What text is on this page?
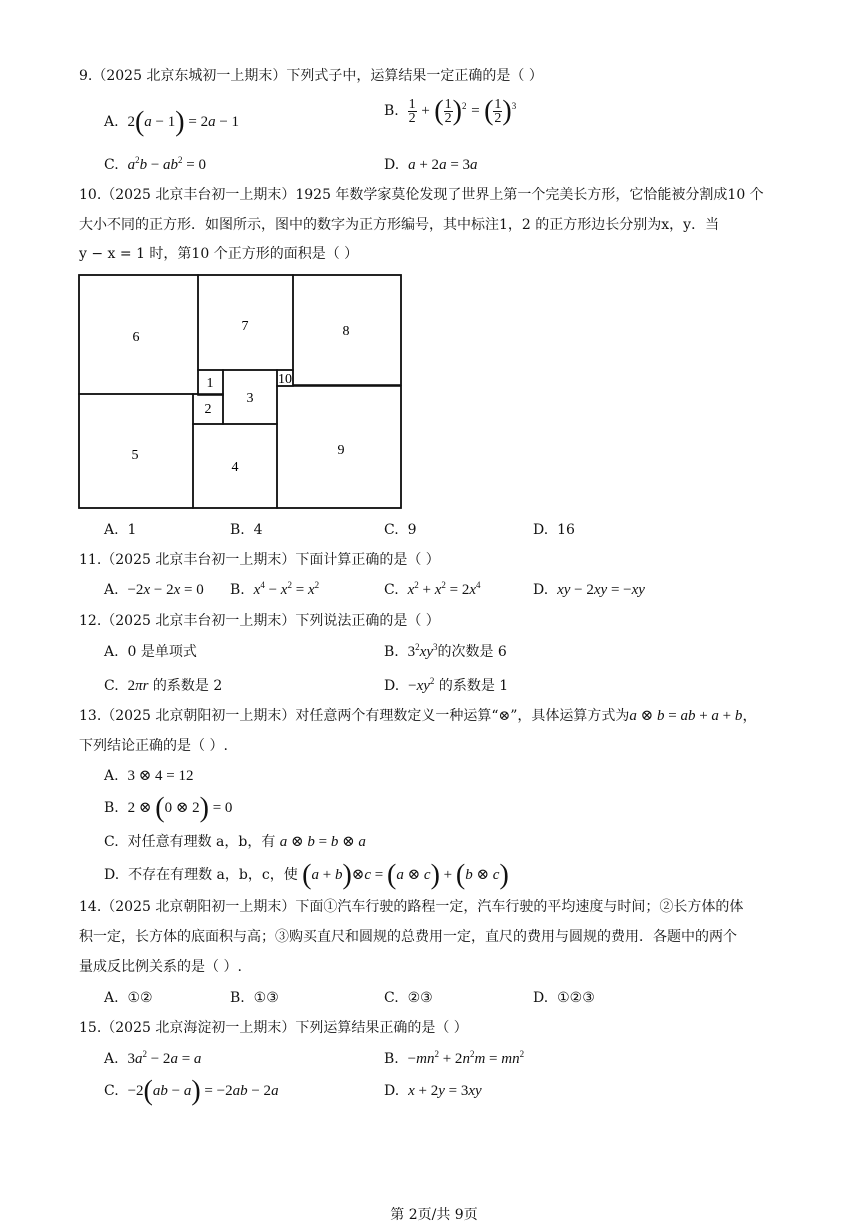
9.（2025 北京东城初一上期末）下列式子中，运算结果一定正确的是（ ）
A. 2(a − 1) = 2a − 1
B. $\frac{1}{2}$ + ( $\frac{1}{2} )^2$ = ( $\frac{1}{2} )^3$
C. $a^2b - ab^2 = 0$	D. a + 2a = 3a
10.（2025 北京丰台初一上期末）1925 年数学家莫伦发现了世界上第一个完美长方形，它恰能被分割成10 个
大小不同的正方形．如图所示，图中的数字为正方形编号，其中标注1，2 的正方形边长分别为x，y．当
y − x = 1 时，第10 个正方形的面积是（ ）
1
2
3
4
5
6
7	8
9
10
A. 1	B. 4	C. 9	D. 16
11.（2025 北京丰台初一上期末）下面计算正确的是（ ）
A. −2x − 2x = 0 B. $x^4 - x^2 = x^2$	C. $x^2 + x^2 = 2x^4$	D. xy − 2xy = −xy
12.（2025 北京丰台初一上期末）下列说法正确的是（ ）
A. 0 是单项式	B. $3^2xy^3$的次数是 6
C. 2πr 的系数是 2	D. $-xy^2$ 的系数是 1
13.（2025 北京朝阳初一上期末）对任意两个有理数定义一种运算“⊗”，具体运算方式为a ⊗ b = ab + a + b，
下列结论正确的是（ ）.
A. 3 ⊗ 4 = 12
B. 2 ⊗ (0 ⊗ 2) = 0
C. 对任意有理数 a，b，有 a ⊗ b = b ⊗ a
D. 不存在有理数 a，b，c，使 (a + b)⊗c = (a ⊗ c) + (b ⊗ c)
14.（2025 北京朝阳初一上期末）下面①汽车行驶的路程一定，汽车行驶的平均速度与时间；②长方体的体
积一定，长方体的底面积与高；③购买直尺和圆规的总费用一定，直尺的费用与圆规的费用．各题中的两个
量成反比例关系的是（ ）.
A. ①②	B. ①③	C. ②③	D. ①②③
15.（2025 北京海淀初一上期末）下列运算结果正确的是（ ）
A. $3a^2 - 2a = a$	B. $-mn^2 + 2n^2m = mn^2$
C. −2(ab − a) = −2ab − 2a	D. x + 2y = 3xy
第 2页/共 9页
